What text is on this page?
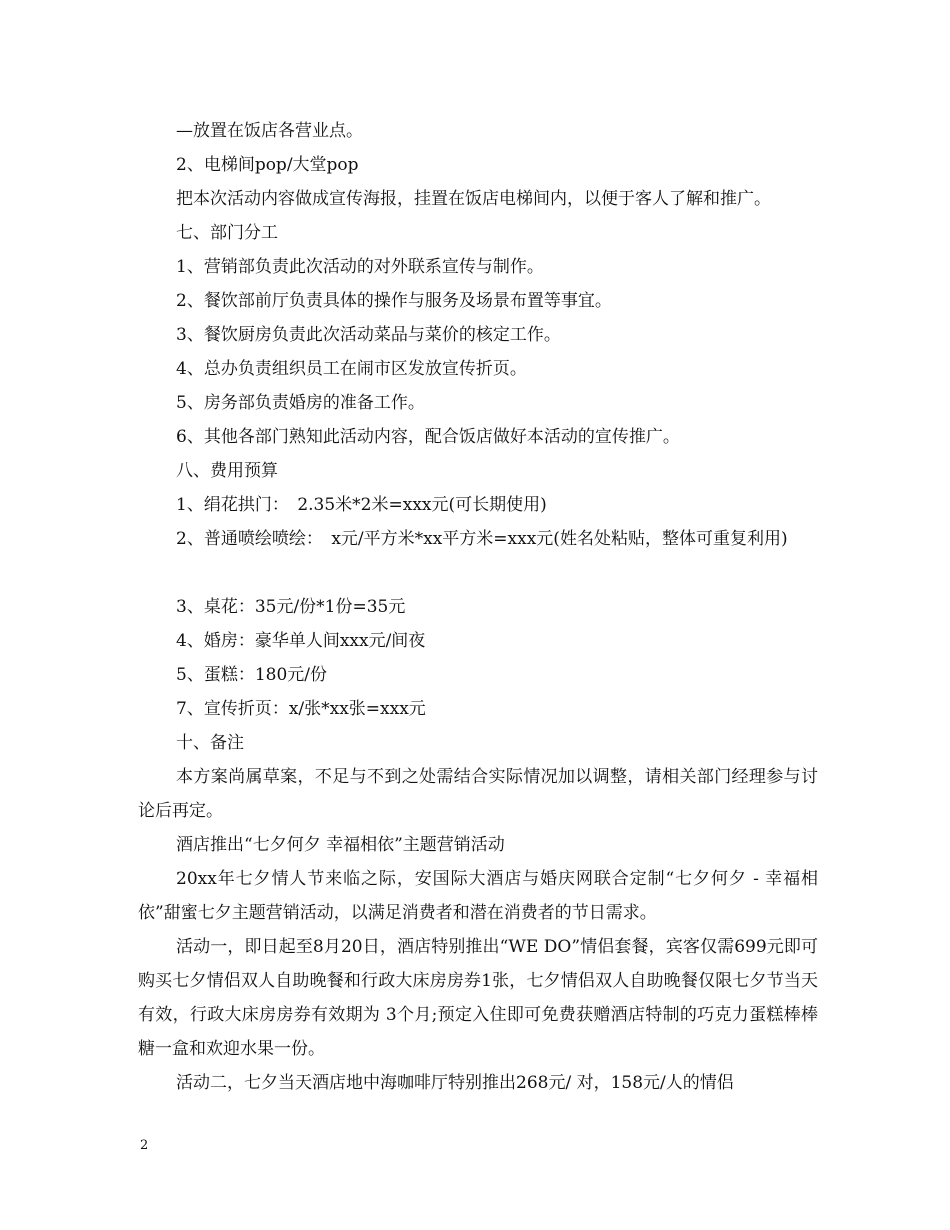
—放置在饭店各营业点。
2、电梯间pop/大堂pop
把本次活动内容做成宣传海报，挂置在饭店电梯间内，以便于客人了解和推广。
七、部门分工
1、营销部负责此次活动的对外联系宣传与制作。
2、餐饮部前厅负责具体的操作与服务及场景布置等事宜。
3、餐饮厨房负责此次活动菜品与菜价的核定工作。
4、总办负责组织员工在闹市区发放宣传折页。
5、房务部负责婚房的准备工作。
6、其他各部门熟知此活动内容，配合饭店做好本活动的宣传推广。
八、费用预算
1、绢花拱门：　2.35米*2米=xxx元(可长期使用)
2、普通喷绘喷绘：　x元/平方米*xx平方米=xxx元(姓名处粘贴，整体可重复利用)
3、桌花：35元/份*1份=35元
4、婚房：豪华单人间xxx元/间夜
5、蛋糕：180元/份
7、宣传折页：x/张*xx张=xxx元
十、备注
本方案尚属草案，不足与不到之处需结合实际情况加以调整，请相关部门经理参与讨论后再定。
酒店推出“七夕何夕 幸福相依”主题营销活动
20xx年七夕情人节来临之际，安国际大酒店与婚庆网联合定制“七夕何夕 - 幸福相依”甜蜜七夕主题营销活动，以满足消费者和潜在消费者的节日需求。
活动一，即日起至8月20日，酒店特别推出“WE DO”情侣套餐，宾客仅需699元即可购买七夕情侣双人自助晚餐和行政大床房房券1张，七夕情侣双人自助晚餐仅限七夕节当天有效，行政大床房房券有效期为 3个月;预定入住即可免费获赠酒店特制的巧克力蛋糕棒棒糖一盒和欢迎水果一份。
活动二，七夕当天酒店地中海咖啡厅特别推出268元/ 对，158元/人的情侣
2
